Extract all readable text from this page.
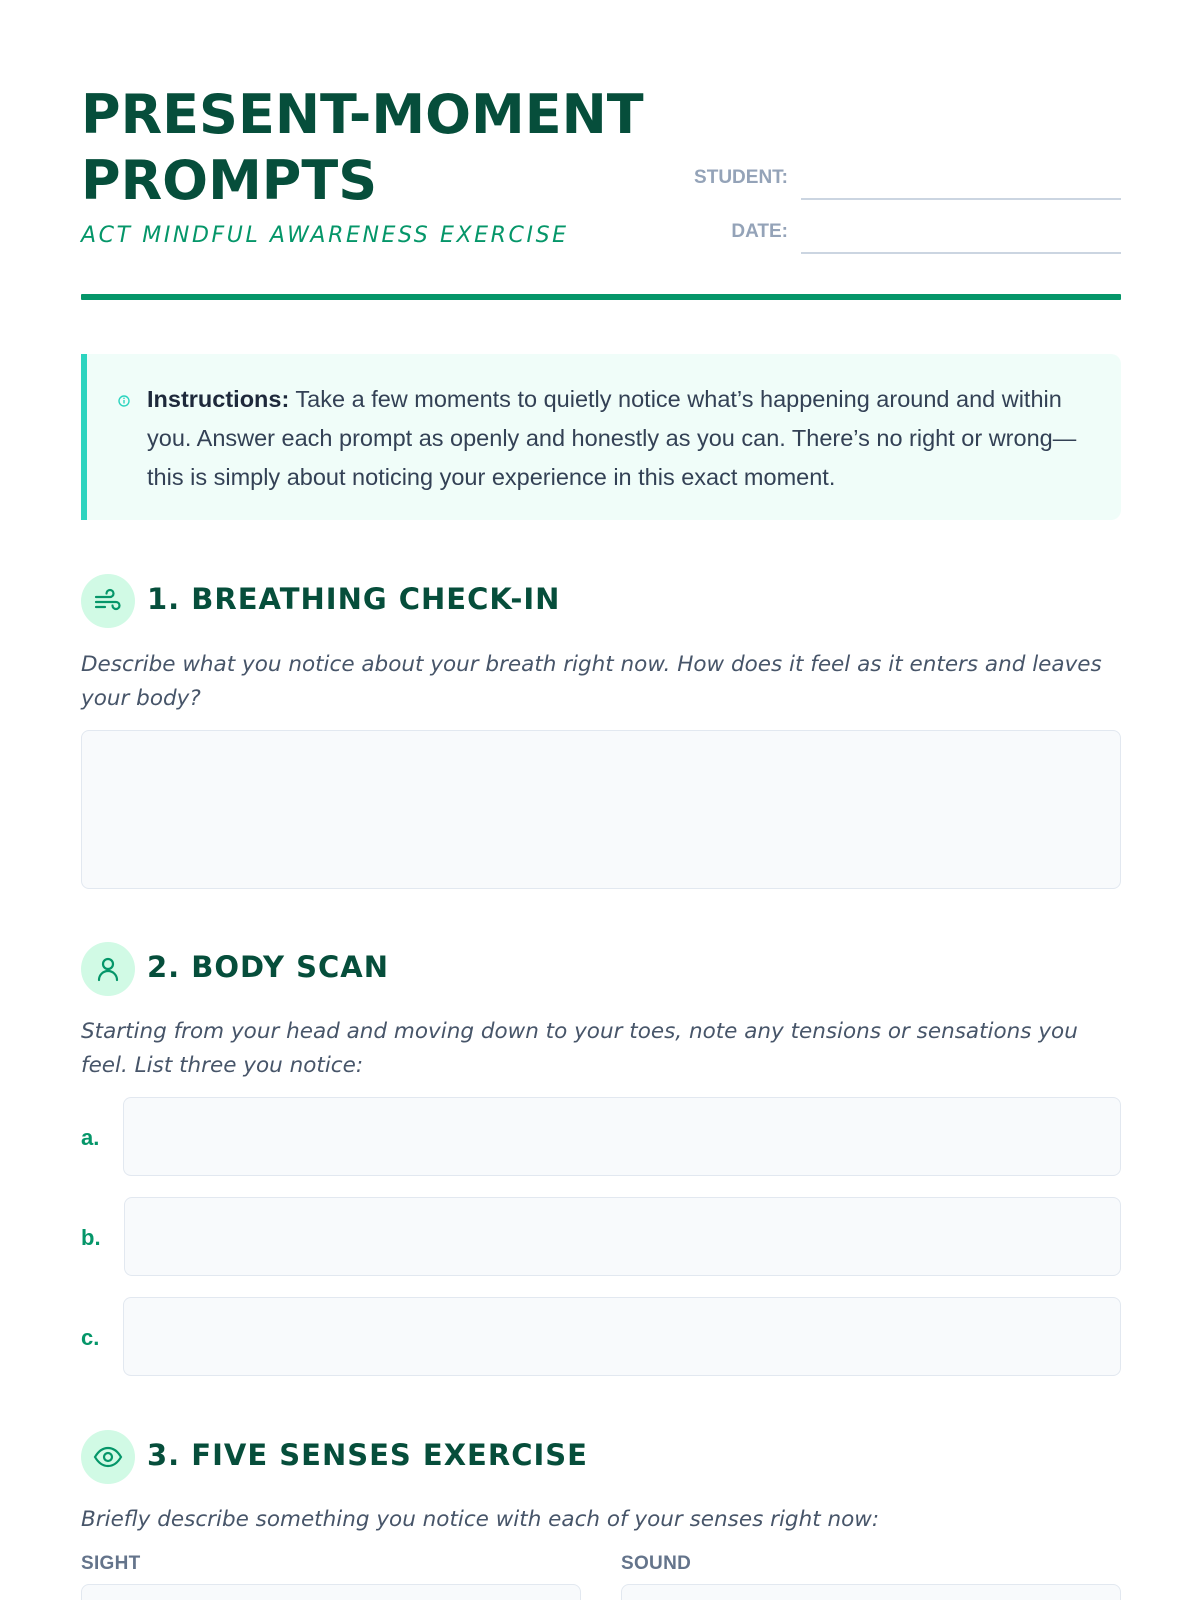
PRESENT-MOMENT
PROMPTS
ACT MINDFUL AWARENESS EXERCISE
STUDENT:
DATE:
Instructions: Take a few moments to quietly notice what’s happening around and within you. Answer each prompt as openly and honestly as you can. There’s no right or wrong—this is simply about noticing your experience in this exact moment.
1. BREATHING CHECK-IN
Describe what you notice about your breath right now. How does it feel as it enters and leaves your body?
2. BODY SCAN
Starting from your head and moving down to your toes, note any tensions or sensations you feel. List three you notice:
a.
b.
c.
3. FIVE SENSES EXERCISE
Briefly describe something you notice with each of your senses right now:
SIGHT	SOUND
